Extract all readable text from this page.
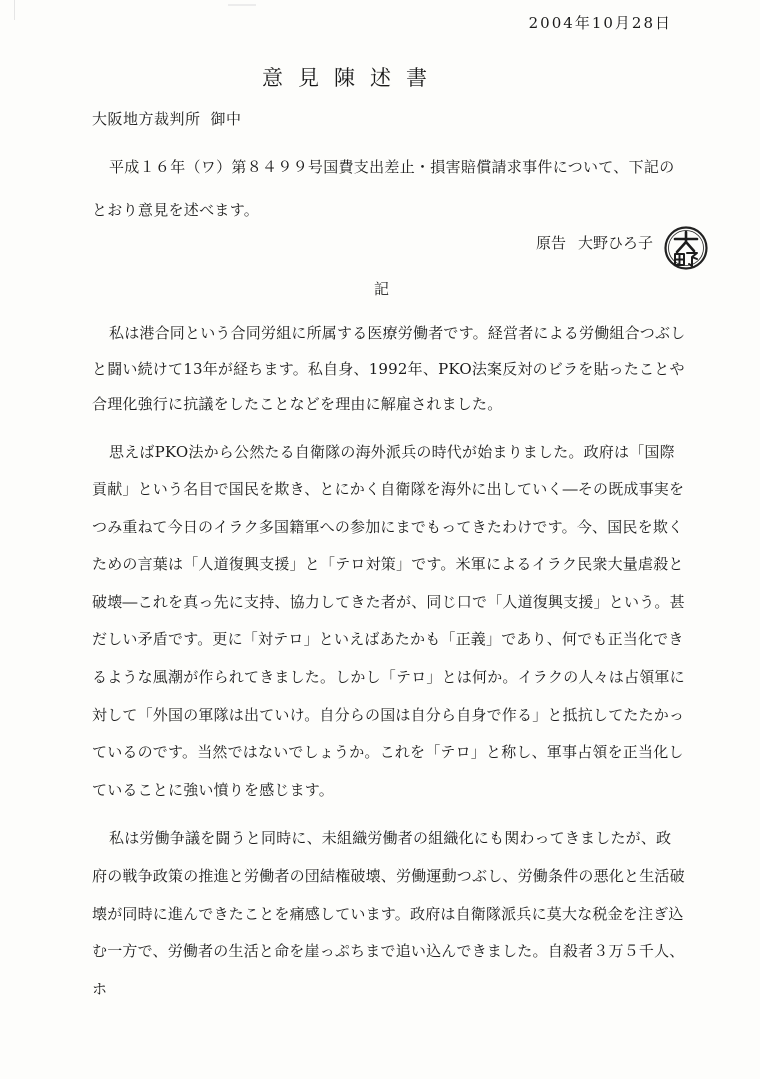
2004年10月28日
意見陳述書
大阪地方裁判所 御中
平成１６年（ワ）第８４９９号国費支出差止・損害賠償請求事件について、下記のとおり意見を述べます。
原告 大野ひろ子
記

私は港合同という合同労組に所属する医療労働者です。経営者による労働組合つぶしと闘い続けて13年が経ちます。私自身、1992年、PKO法案反対のビラを貼ったことや合理化強行に抗議をしたことなどを理由に解雇されました。

思えばPKO法から公然たる自衛隊の海外派兵の時代が始まりました。政府は「国際貢献」という名目で国民を欺き、とにかく自衛隊を海外に出していく―その既成事実をつみ重ねて今日のイラク多国籍軍への参加にまでもってきたわけです。今、国民を欺くための言葉は「人道復興支援」と「テロ対策」です。米軍によるイラク民衆大量虐殺と破壊―これを真っ先に支持、協力してきた者が、同じ口で「人道復興支援」という。甚だしい矛盾です。更に「対テロ」といえばあたかも「正義」であり、何でも正当化できるような風潮が作られてきました。しかし「テロ」とは何か。イラクの人々は占領軍に対して「外国の軍隊は出ていけ。自分らの国は自分ら自身で作る」と抵抗してたたかっているのです。当然ではないでしょうか。これを「テロ」と称し、軍事占領を正当化していることに強い憤りを感じます。

私は労働争議を闘うと同時に、未組織労働者の組織化にも関わってきましたが、政府の戦争政策の推進と労働者の団結権破壊、労働運動つぶし、労働条件の悪化と生活破壊が同時に進んできたことを痛感しています。政府は自衛隊派兵に莫大な税金を注ぎ込む一方で、労働者の生活と命を崖っぷちまで追い込んできました。自殺者３万５千人、ホ
